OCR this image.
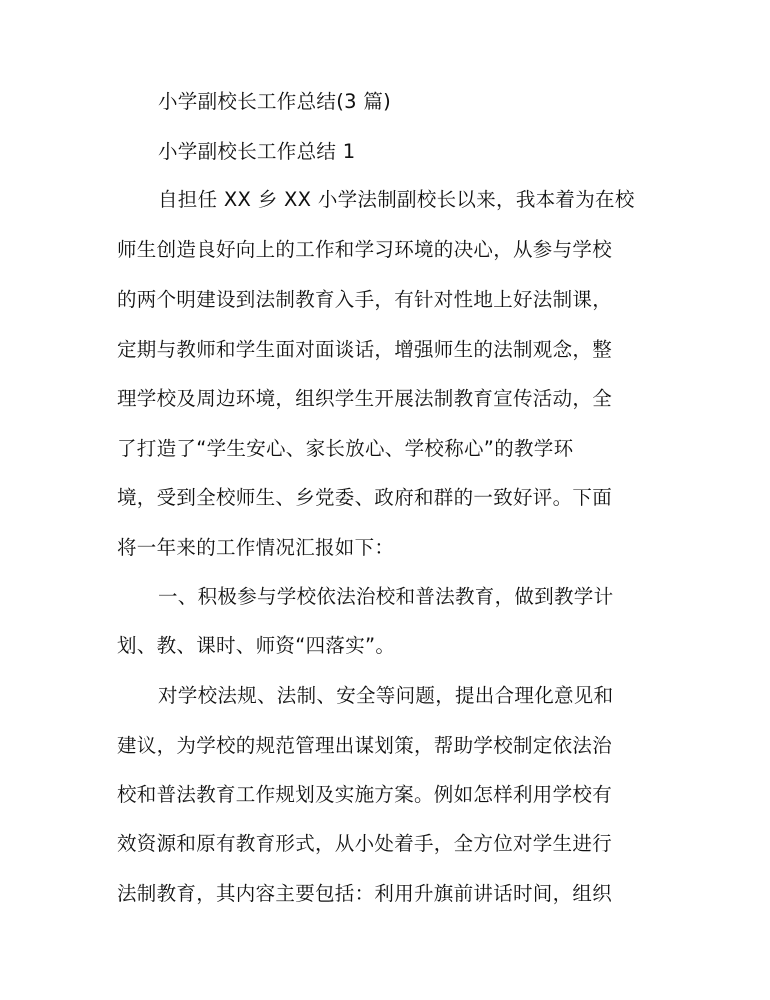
小学副校长工作总结(3 篇)
小学副校长工作总结 1
自担任 XX 乡 XX 小学法制副校长以来，我本着为在校
师生创造良好向上的工作和学习环境的决心，从参与学校
的两个明建设到法制教育入手，有针对性地上好法制课，
定期与教师和学生面对面谈话，增强师生的法制观念，整
理学校及周边环境，组织学生开展法制教育宣传活动，全
了打造了“学生安心、家长放心、学校称心”的教学环
境，受到全校师生、乡党委、政府和群的一致好评。下面
将一年来的工作情况汇报如下：
一、积极参与学校依法治校和普法教育，做到教学计
划、教、课时、师资“四落实”。
对学校法规、法制、安全等问题，提出合理化意见和
建议，为学校的规范管理出谋划策，帮助学校制定依法治
校和普法教育工作规划及实施方案。例如怎样利用学校有
效资源和原有教育形式，从小处着手，全方位对学生进行
法制教育，其内容主要包括：利用升旗前讲话时间，组织
